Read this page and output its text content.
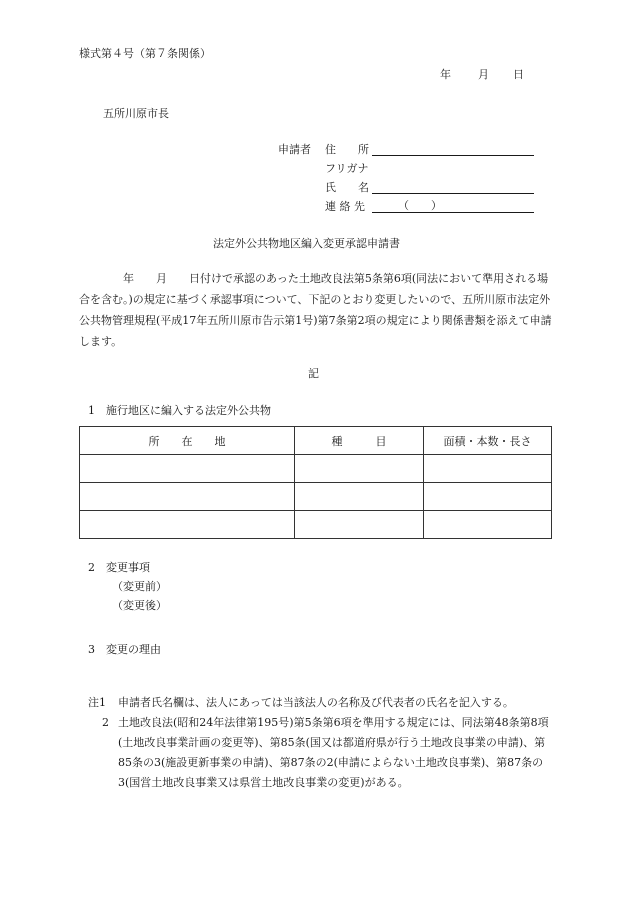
様式第４号（第７条関係）
年 月 日
五所川原市長
申請者 住　　所
フリガナ
氏　　名
連 絡 先	（　　）
法定外公共物地区編入変更承認申請書
　　　　年　　月　　日付けで承認のあった土地改良法第5条第6項(同法において準用される場合を含む。)の規定に基づく承認事項について、下記のとおり変更したいので、五所川原市法定外公共物管理規程(平成17年五所川原市告示第1号)第7条第2項の規定により関係書類を添えて申請します。
記
1　施行地区に編入する法定外公共物
所　　在　　地	種　　　目	面積・本数・長さ

2　変更事項
（変更前）
（変更後）
3　変更の理由
注1 申請者氏名欄は、法人にあっては当該法人の名称及び代表者の氏名を記入する。
2 土地改良法(昭和24年法律第195号)第5条第6項を準用する規定には、同法第48条第8項(土地改良事業計画の変更等)、第85条(国又は都道府県が行う土地改良事業の申請)、第85条の3(施設更新事業の申請)、第87条の2(申請によらない土地改良事業)、第87条の3(国営土地改良事業又は県営土地改良事業の変更)がある。
